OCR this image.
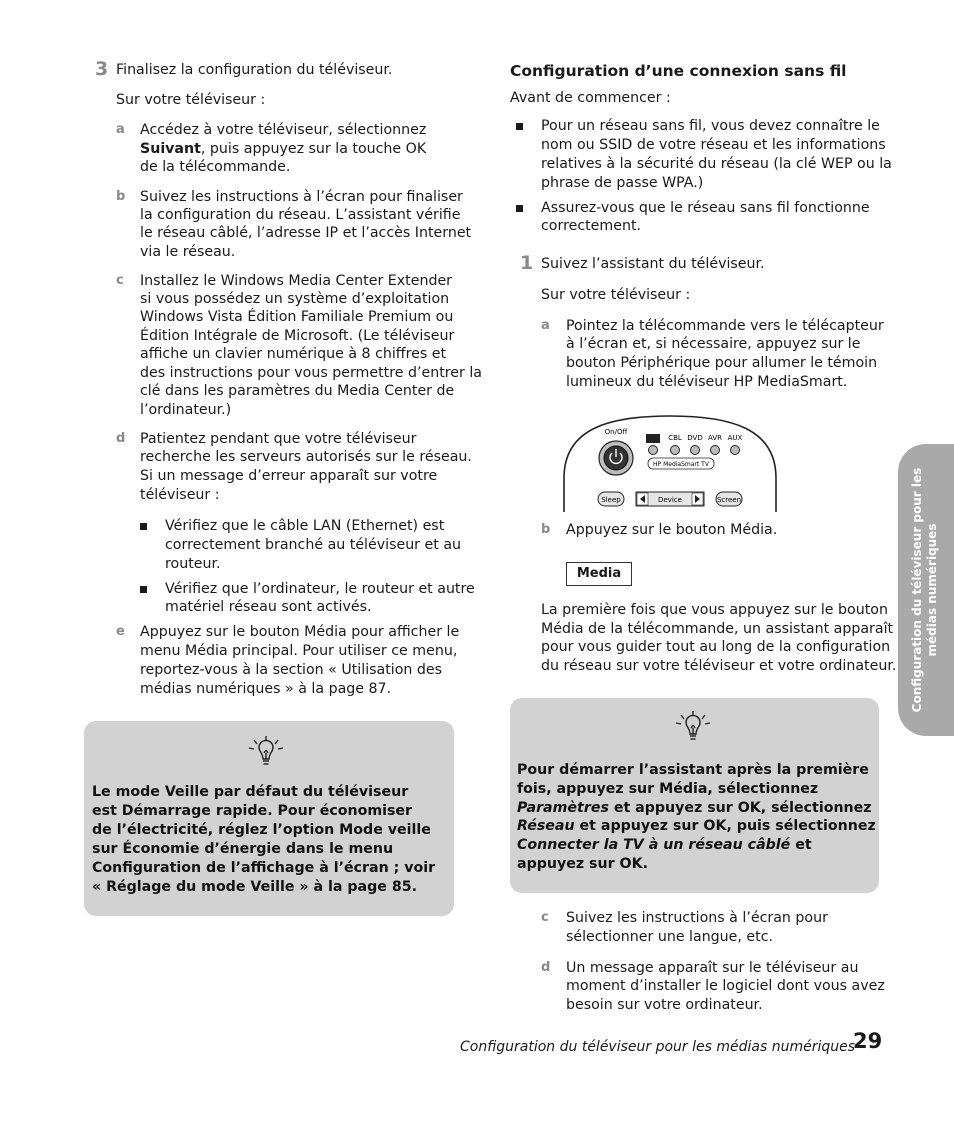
3 Finalisez la configuration du téléviseur.
Sur votre téléviseur :
a Accédez à votre téléviseur, sélectionnez
Suivant, puis appuyez sur la touche OK
de la télécommande.
b Suivez les instructions à l’écran pour finaliser
la configuration du réseau. L’assistant vérifie
le réseau câblé, l’adresse IP et l’accès Internet
via le réseau.
c Installez le Windows Media Center Extender
si vous possédez un système d’exploitation
Windows Vista Édition Familiale Premium ou
Édition Intégrale de Microsoft. (Le téléviseur
affiche un clavier numérique à 8 chiffres et
des instructions pour vous permettre d’entrer la
clé dans les paramètres du Media Center de
l’ordinateur.)
d Patientez pendant que votre téléviseur
recherche les serveurs autorisés sur le réseau.
Si un message d’erreur apparaît sur votre
téléviseur :
Vérifiez que le câble LAN (Ethernet) est
correctement branché au téléviseur et au
routeur.
Vérifiez que l’ordinateur, le routeur et autre
matériel réseau sont activés.
e Appuyez sur le bouton Média pour afficher le
menu Média principal. Pour utiliser ce menu,
reportez-vous à la section « Utilisation des
médias numériques » à la page 87.
Le mode Veille par défaut du téléviseur
est Démarrage rapide. Pour économiser
de l’électricité, réglez l’option Mode veille
sur Économie d’énergie dans le menu
Configuration de l’affichage à l’écran ; voir
« Réglage du mode Veille » à la page 85.
Configuration d’une connexion sans fil
Avant de commencer :
Pour un réseau sans fil, vous devez connaître le
nom ou SSID de votre réseau et les informations
relatives à la sécurité du réseau (la clé WEP ou la
phrase de passe WPA.)
Assurez-vous que le réseau sans fil fonctionne
correctement.
1 Suivez l’assistant du téléviseur.
Sur votre téléviseur :
a Pointez la télécommande vers le télécapteur
à l’écran et, si nécessaire, appuyez sur le
bouton Périphérique pour allumer le témoin
lumineux du téléviseur HP MediaSmart.
On/Off
CBL DVD AVR AUX
HP MediaSmart TV
Sleep	Device	Screen
b Appuyez sur le bouton Média.
Media
La première fois que vous appuyez sur le bouton
Média de la télécommande, un assistant apparaît
pour vous guider tout au long de la configuration
du réseau sur votre téléviseur et votre ordinateur.
Pour démarrer l’assistant après la première
fois, appuyez sur Média, sélectionnez
Paramètres et appuyez sur OK, sélectionnez
Réseau et appuyez sur OK, puis sélectionnez
Connecter la TV à un réseau câblé et
appuyez sur OK.
c Suivez les instructions à l’écran pour
sélectionner une langue, etc.
d Un message apparaît sur le téléviseur au
moment d’installer le logiciel dont vous avez
besoin sur votre ordinateur.
Configuration du téléviseur pour les médias numériques
Configuration du téléviseur pour les médias numériques
29
